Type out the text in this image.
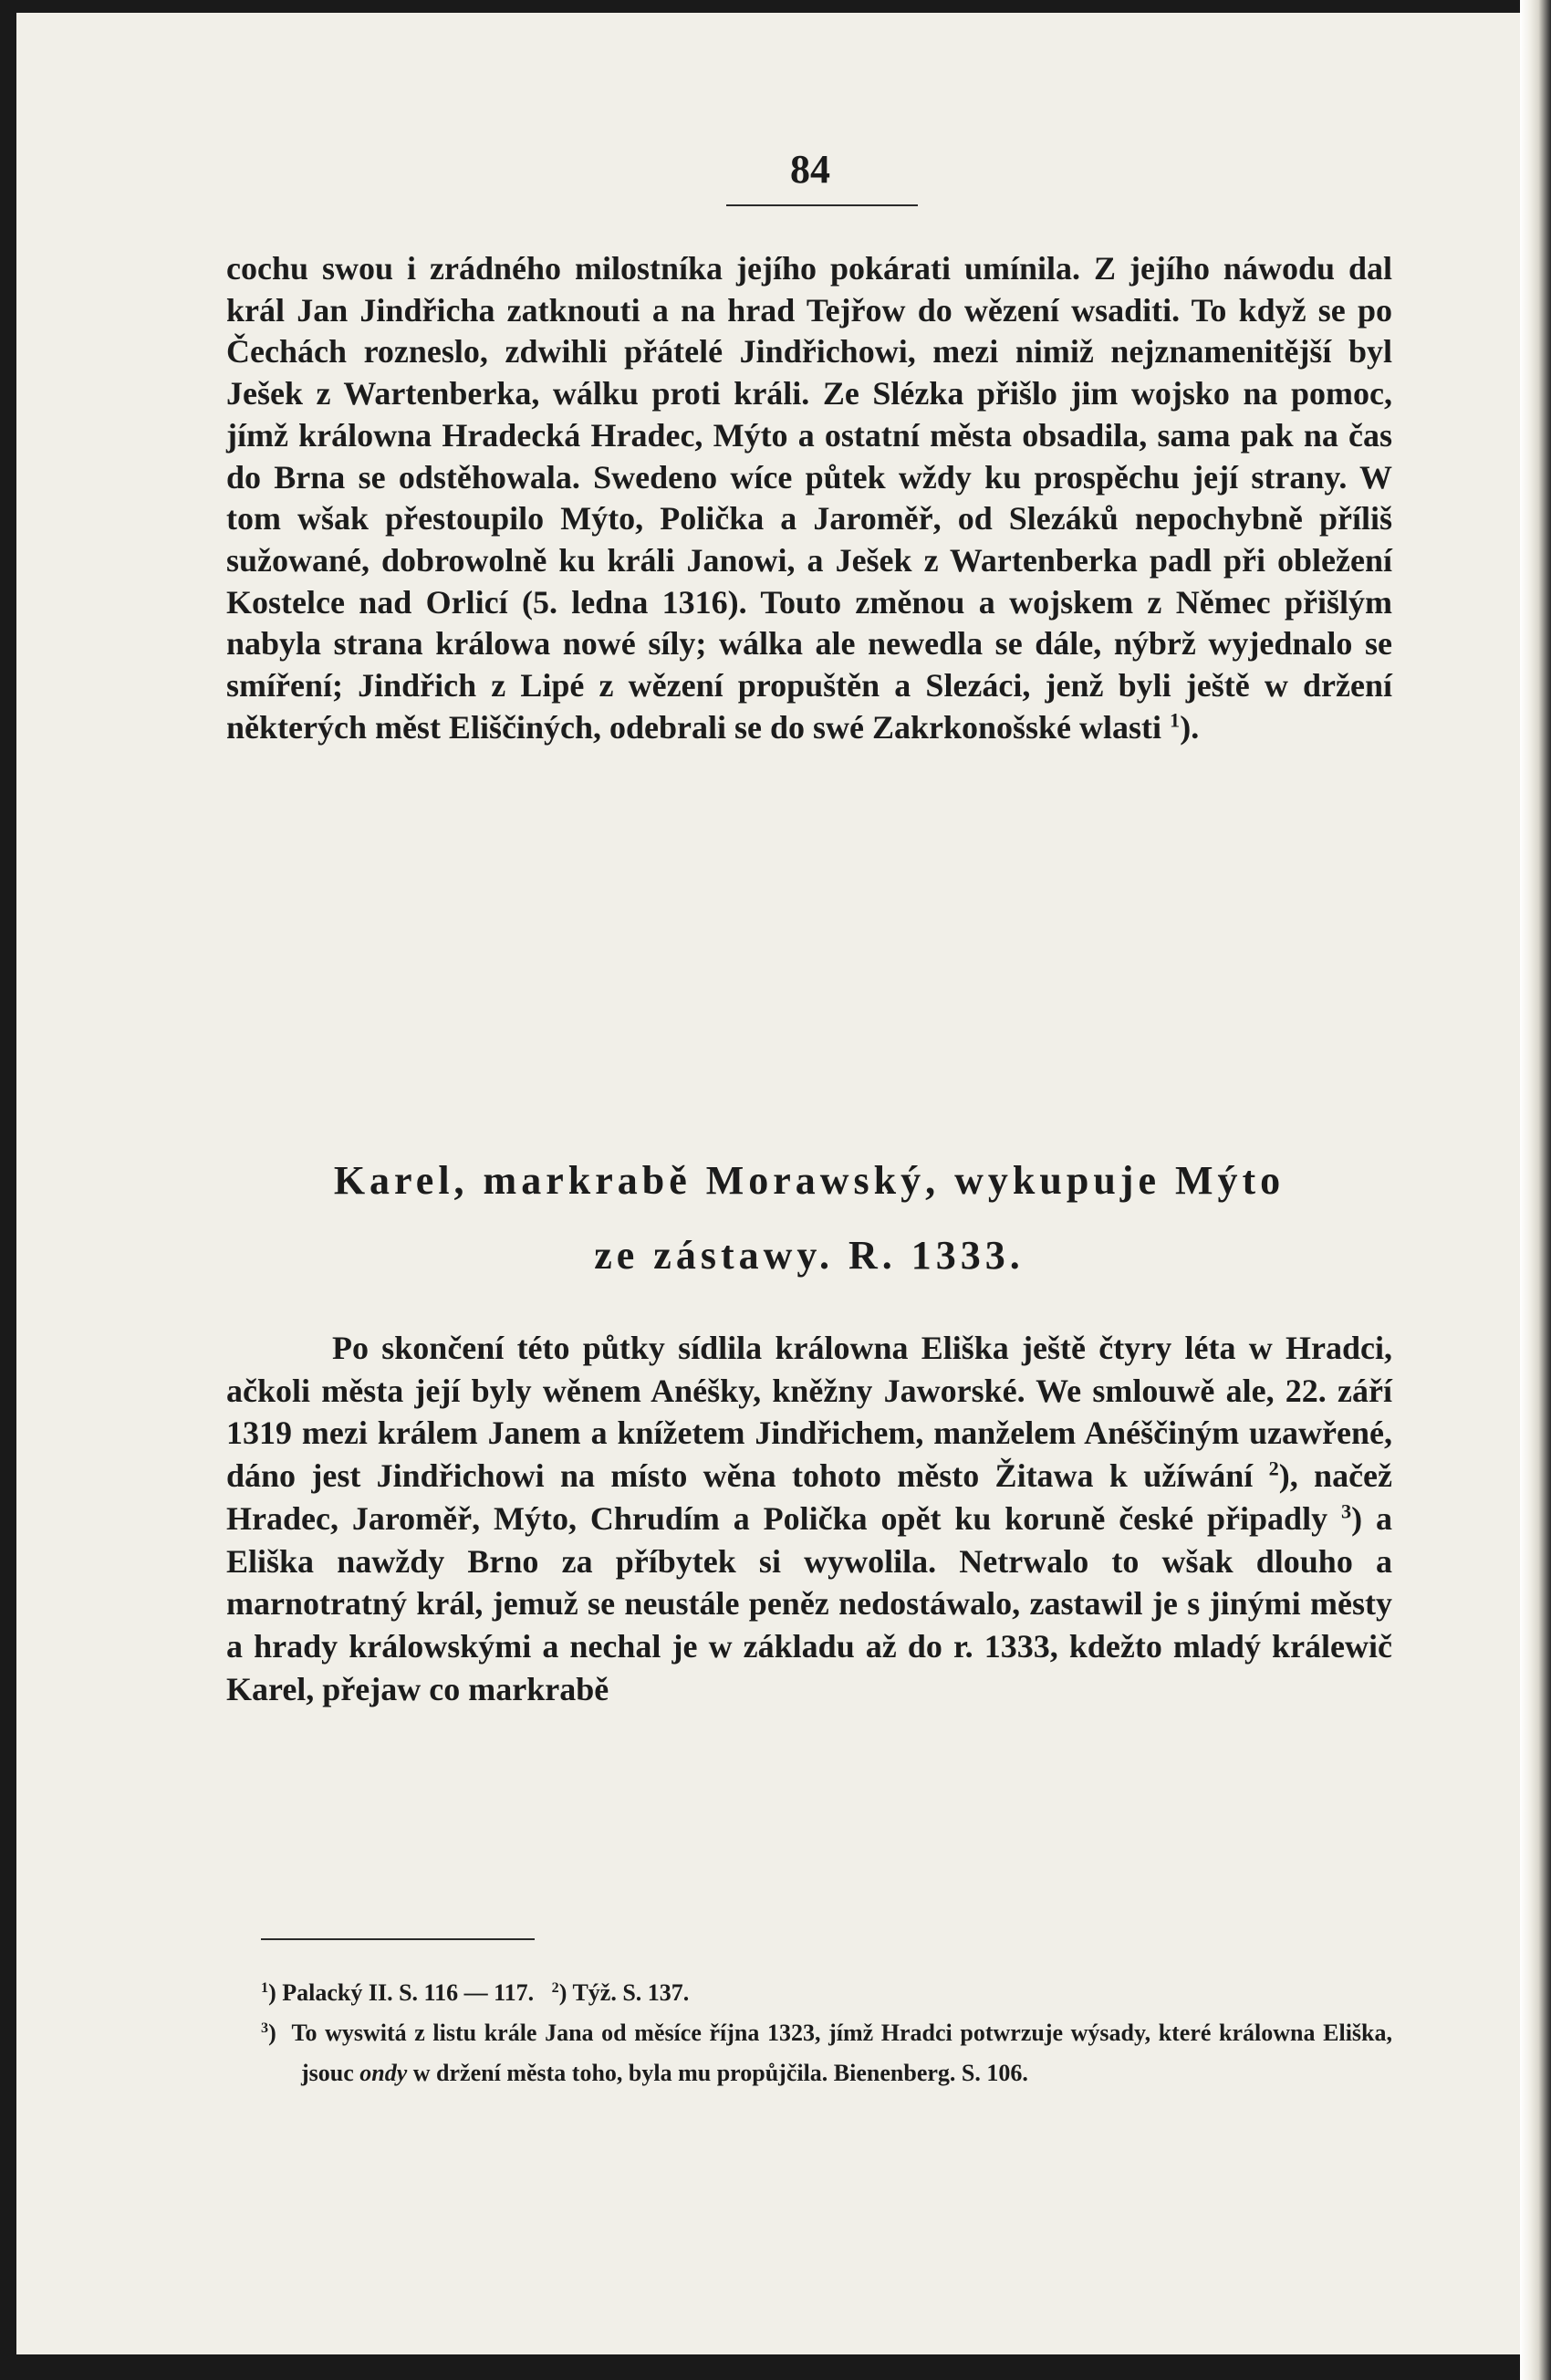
84

cochu swou i zrádného milostníka jejího pokárati umínila. Z jejího náwodu dal král Jan Jindřicha zatknouti a na hrad Tejřow do wězení wsaditi. To když se po Čechách rozneslo, zdwihli přátelé Jindřichowi, mezi nimiž nejznamenitější byl Ješek z Wartenberka, wálku proti králi. Ze Slézka přišlo jim wojsko na pomoc, jímž králowna Hradecká Hradec, Mýto a ostatní města obsadila, sama pak na čas do Brna se odstěhowala. Swedeno wíce půtek wždy ku prospěchu její strany. W tom wšak přestoupilo Mýto, Polička a Jaroměř, od Slezáků nepochybně příliš sužowané, dobrowolně ku králi Janowi, a Ješek z Wartenberka padl při obležení Kostelce nad Orlicí (5. ledna 1316). Touto změnou a wojskem z Němec přišlým nabyla strana králowa nowé síly; wálka ale newedla se dále, nýbrž wyjednalo se smíření; Jindřich z Lipé z wězení propuštěn a Slezáci, jenž byli ještě w držení některých měst Eliščiných, odebrali se do swé Zakrkonošské wlasti $^1$).

Karel, markrabě Morawský, wykupuje Mýto
ze zástawy. R. 1333.

Po skončení této půtky sídlila králowna Eliška ještě čtyry léta w Hradci, ačkoli města její byly wěnem Anéšky, kněžny Jaworské. We smlouwě ale, 22. září 1319 mezi králem Janem a knížetem Jindřichem, manželem Anéščiným uzawřené, dáno jest Jindřichowi na místo wěna tohoto město Žitawa k užíwání $^2$), načež Hradec, Jaroměř, Mýto, Chrudím a Polička opět ku koruně české připadly $^3$) a Eliška nawždy Brno za příbytek si wywolila. Netrwalo to wšak dlouho a marnotratný král, jemuž se neustále peněz nedostáwalo, zastawil je s jinými městy a hrady králowskými a nechal je w základu až do r. 1333, kdežto mladý králewič Karel, přejaw co markrabě

$^1$) Palacký II. S. 116 — 117. $^2$) Týž. S. 137.

$^3$)  To wyswitá z listu krále Jana od měsíce října 1323, jímž Hradci potwrzuje wýsady, které králowna Eliška, jsouc ondy w držení města toho, byla mu propůjčila. Bienenberg. S. 106.
